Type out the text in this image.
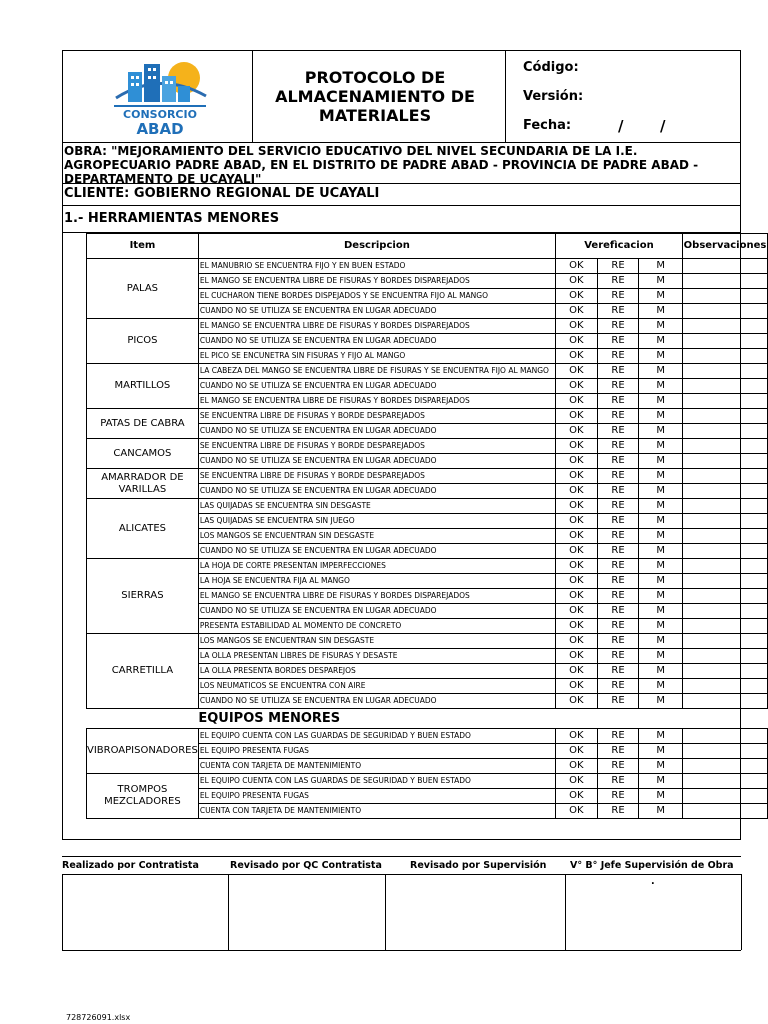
CONSORCIO
ABAD
PROTOCOLO DE
ALMACENAMIENTO DE
MATERIALES
Código:
Versión:
Fecha:	/ /
OBRA: "MEJORAMIENTO DEL SERVICIO EDUCATIVO DEL NIVEL SECUNDARIA DE LA I.E. AGROPECUARIO PADRE ABAD, EN EL DISTRITO DE PADRE ABAD - PROVINCIA DE PADRE ABAD - DEPARTAMENTO DE UCAYALI"
CLIENTE: GOBIERNO REGIONAL DE UCAYALI
1.- HERRAMIENTAS MENORES
Item	Descripcion	Verefìcacion			Observaciones
PALAS	EL MANUBRIO SE ENCUENTRA FIJO Y EN BUEN ESTADO	OK	RE	M	
	EL MANGO SE ENCUENTRA LIBRE DE FISURAS Y BORDES DISPAREJADOS	OK	RE	M	
	EL CUCHARON TIENE BORDES DISPEJADOS Y SE ENCUENTRA FIJO AL MANGO	OK	RE	M	
	CUANDO NO SE UTILIZA SE ENCUENTRA EN LUGAR ADECUADO	OK	RE	M	
PICOS	EL MANGO SE ENCUENTRA LIBRE DE FISURAS Y BORDES DISPAREJADOS	OK	RE	M	
	CUANDO NO SE UTILIZA SE ENCUENTRA EN LUGAR ADECUADO	OK	RE	M	
	EL PICO SE ENCUNETRA SIN FISURAS Y FIJO AL MANGO	OK	RE	M	
MARTILLOS	LA CABEZA DEL MANGO SE ENCUENTRA LIBRE DE FISURAS Y SE ENCUENTRA FIJO AL MANGO	OK	RE	M	
	CUANDO NO SE UTILIZA SE ENCUENTRA EN LUGAR ADECUADO	OK	RE	M	
	EL MANGO SE ENCUENTRA LIBRE DE FISURAS Y BORDES DISPAREJADOS	OK	RE	M	
PATAS DE CABRA	SE ENCUENTRA LIBRE DE FISURAS Y BORDE DESPAREJADOS	OK	RE	M	
	CUANDO NO SE UTILIZA SE ENCUENTRA EN LUGAR ADECUADO	OK	RE	M	
CANCAMOS	SE ENCUENTRA LIBRE DE FISURAS Y BORDE DESPAREJADOS	OK	RE	M	
	CUANDO NO SE UTILIZA SE ENCUENTRA EN LUGAR ADECUADO	OK	RE	M	
AMARRADOR DE VARILLAS	SE ENCUENTRA LIBRE DE FISURAS Y BORDE DESPAREJADOS	OK	RE	M	
	CUANDO NO SE UTILIZA SE ENCUENTRA EN LUGAR ADECUADO	OK	RE	M	
ALICATES	LAS QUIJADAS SE ENCUENTRA SIN DESGASTE	OK	RE	M	
	LAS QUIJADAS SE ENCUENTRA SIN JUEGO	OK	RE	M	
	LOS MANGOS SE ENCUENTRAN SIN DESGASTE	OK	RE	M	
	CUANDO NO SE UTILIZA SE ENCUENTRA EN LUGAR ADECUADO	OK	RE	M	
SIERRAS	LA HOJA DE CORTE PRESENTAN IMPERFECCIONES	OK	RE	M	
	LA HOJA SE ENCUENTRA FIJA AL MANGO	OK	RE	M	
	EL MANGO SE ENCUENTRA LIBRE DE FISURAS Y BORDES DISPAREJADOS	OK	RE	M	
	CUANDO NO SE UTILIZA SE ENCUENTRA EN LUGAR ADECUADO	OK	RE	M	
	PRESENTA ESTABILIDAD AL MOMENTO DE CONCRETO	OK	RE	M	
CARRETILLA	LOS MANGOS SE ENCUENTRAN SIN DESGASTE	OK	RE	M	
	LA OLLA PRESENTAN LIBRES DE FISURAS Y DESASTE	OK	RE	M	
	LA OLLA PRESENTA BORDES DESPAREJOS	OK	RE	M	
	LOS NEUMATICOS SE ENCUENTRA CON AIRE	OK	RE	M	
	CUANDO NO SE UTILIZA SE ENCUENTRA EN LUGAR ADECUADO	OK	RE	M	
	EQUIPOS MENORES				
VIBROAPISONADORES	EL EQUIPO CUENTA CON LAS GUARDAS DE SEGURIDAD Y BUEN ESTADO	OK	RE	M	
	EL EQUIPO PRESENTA FUGAS	OK	RE	M	
	CUENTA CON TARJETA DE MANTENIMIENTO	OK	RE	M	
TROMPOS MEZCLADORES	EL EQUIPO CUENTA CON LAS GUARDAS DE SEGURIDAD Y BUEN ESTADO	OK	RE	M	
	EL EQUIPO PRESENTA FUGAS	OK	RE	M	
	CUENTA CON TARJETA DE MANTENIMIENTO	OK	RE	M	
Realizado por Contratista	Revisado por QC Contratista	Revisado por Supervisión V° B° Jefe Supervisión de Obra
.
728726091.xlsx
